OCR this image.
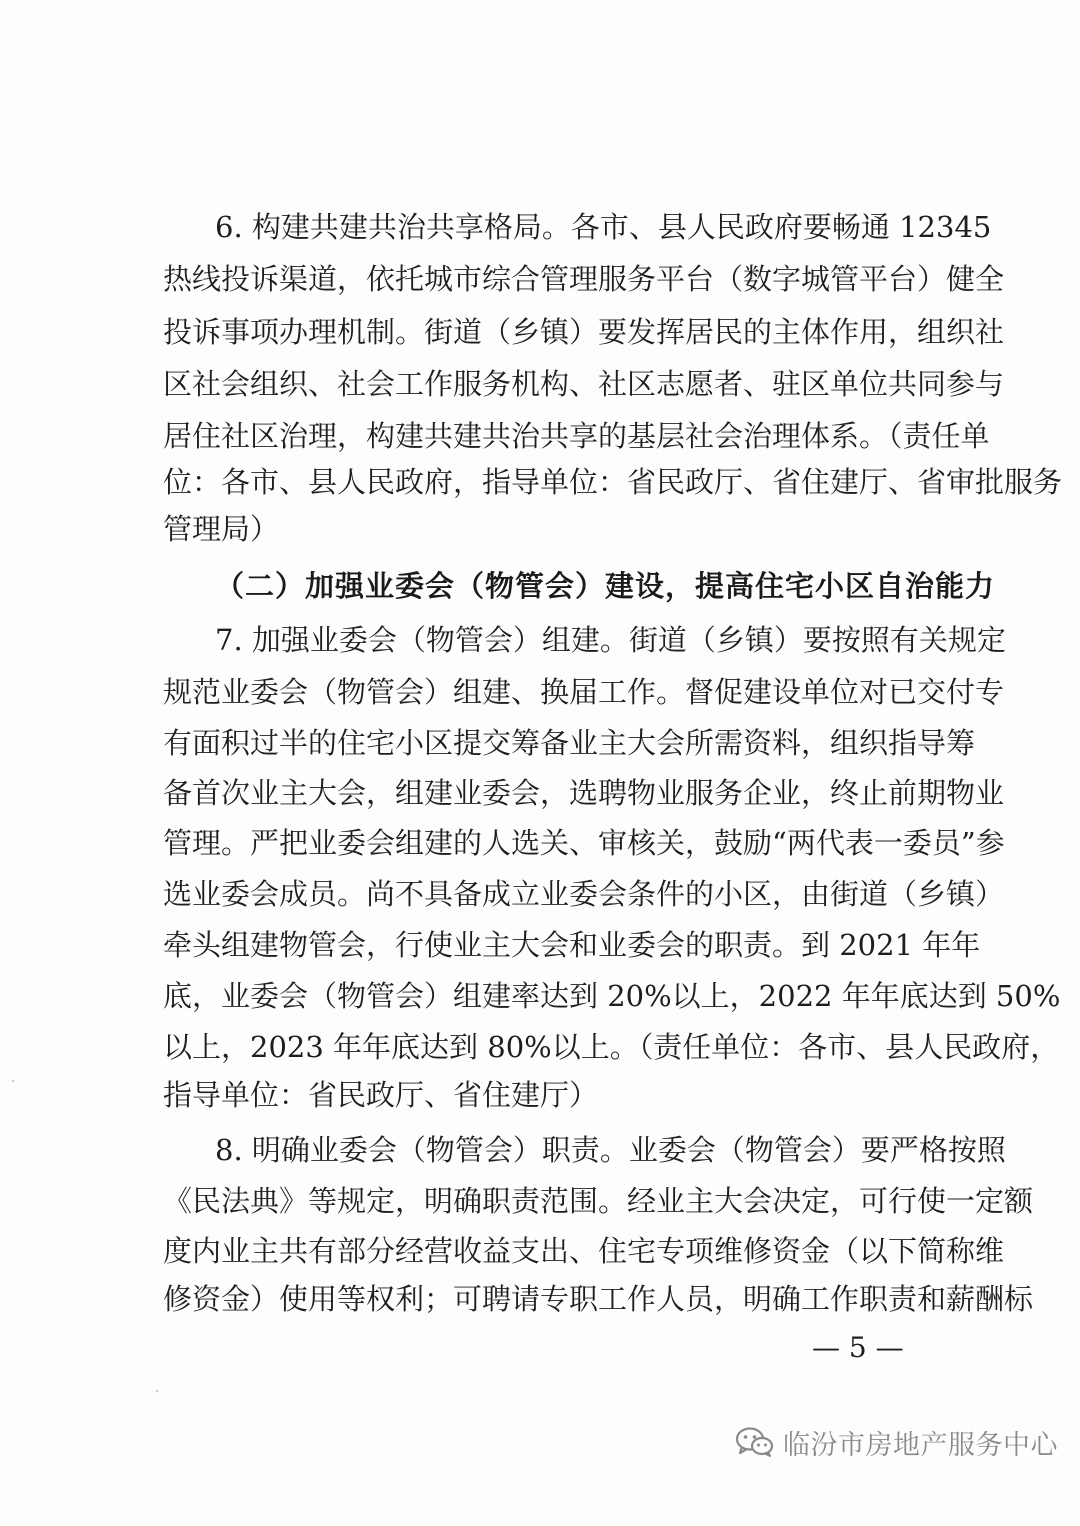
6. 构建共建共治共享格局。各市、县人民政府要畅通 12345
热线投诉渠道，依托城市综合管理服务平台（数字城管平台）健全
投诉事项办理机制。街道（乡镇）要发挥居民的主体作用，组织社
区社会组织、社会工作服务机构、社区志愿者、驻区单位共同参与
居住社区治理，构建共建共治共享的基层社会治理体系。（责任单
位：各市、县人民政府，指导单位：省民政厅、省住建厅、省审批服务
管理局）
（二）加强业委会（物管会）建设，提高住宅小区自治能力
7. 加强业委会（物管会）组建。街道（乡镇）要按照有关规定
规范业委会（物管会）组建、换届工作。督促建设单位对已交付专
有面积过半的住宅小区提交筹备业主大会所需资料，组织指导筹
备首次业主大会，组建业委会，选聘物业服务企业，终止前期物业
管理。严把业委会组建的人选关、审核关，鼓励“两代表一委员”参
选业委会成员。尚不具备成立业委会条件的小区，由街道（乡镇）
牵头组建物管会，行使业主大会和业委会的职责。到 2021 年年
底，业委会（物管会）组建率达到 20%以上，2022 年年底达到 50%
以上，2023 年年底达到 80%以上。（责任单位：各市、县人民政府，
指导单位：省民政厅、省住建厅）
8. 明确业委会（物管会）职责。业委会（物管会）要严格按照
《民法典》等规定，明确职责范围。经业主大会决定，可行使一定额
度内业主共有部分经营收益支出、住宅专项维修资金（以下简称维
修资金）使用等权利；可聘请专职工作人员，明确工作职责和薪酬标
— 5 —
临汾市房地产服务中心
